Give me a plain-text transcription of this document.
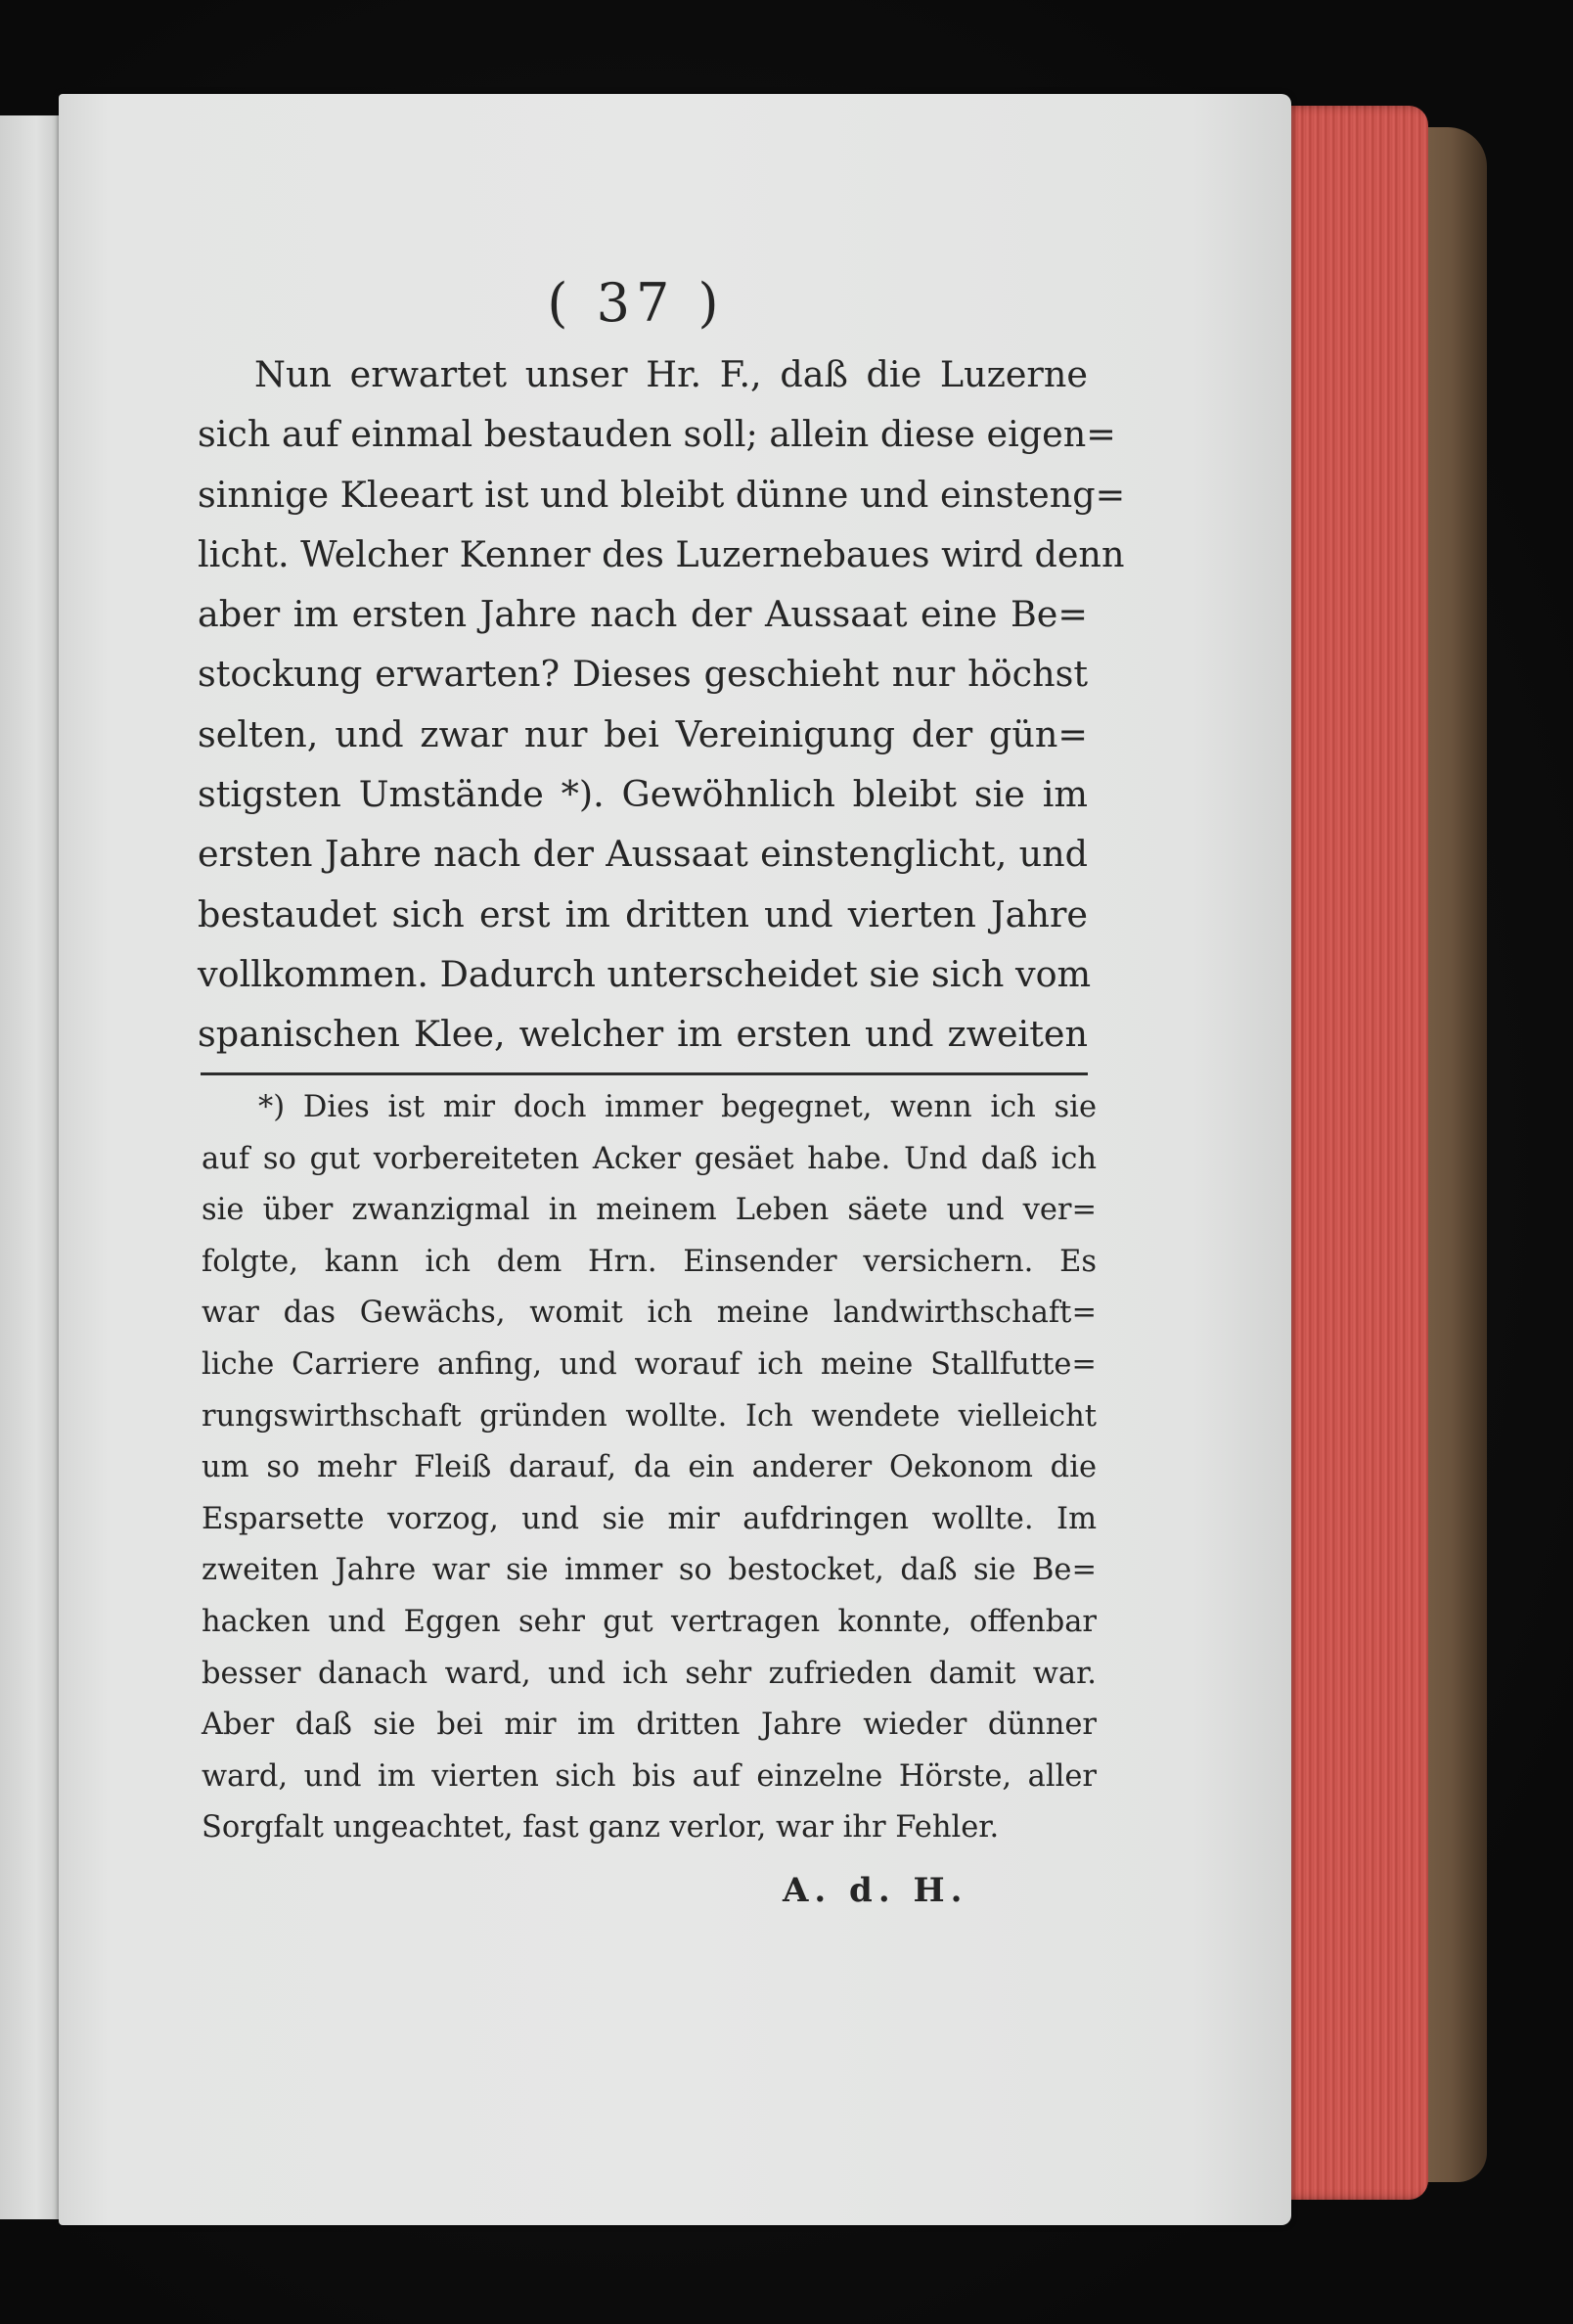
( 37 )
Nun erwartet unser Hr. F., daß die Luzerne
sich auf einmal bestauden soll; allein diese eigen=
sinnige Kleeart ist und bleibt dünne und einsteng=
licht. Welcher Kenner des Luzernebaues wird denn
aber im ersten Jahre nach der Aussaat eine Be=
stockung erwarten? Dieses geschieht nur höchst
selten, und zwar nur bei Vereinigung der gün=
stigsten Umstände *). Gewöhnlich bleibt sie im
ersten Jahre nach der Aussaat einstenglicht, und
bestaudet sich erst im dritten und vierten Jahre
vollkommen. Dadurch unterscheidet sie sich vom
spanischen Klee, welcher im ersten und zweiten
*) Dies ist mir doch immer begegnet, wenn ich sie
auf so gut vorbereiteten Acker gesäet habe. Und daß ich
sie über zwanzigmal in meinem Leben säete und ver=
folgte, kann ich dem Hrn. Einsender versichern. Es
war das Gewächs, womit ich meine landwirthschaft=
liche Carriere anfing, und worauf ich meine Stallfutte=
rungswirthschaft gründen wollte. Ich wendete vielleicht
um so mehr Fleiß darauf, da ein anderer Oekonom die
Esparsette vorzog, und sie mir aufdringen wollte. Im
zweiten Jahre war sie immer so bestocket, daß sie Be=
hacken und Eggen sehr gut vertragen konnte, offenbar
besser danach ward, und ich sehr zufrieden damit war.
Aber daß sie bei mir im dritten Jahre wieder dünner
ward, und im vierten sich bis auf einzelne Hörste, aller
Sorgfalt ungeachtet, fast ganz verlor, war ihr Fehler.
A. d. H.
